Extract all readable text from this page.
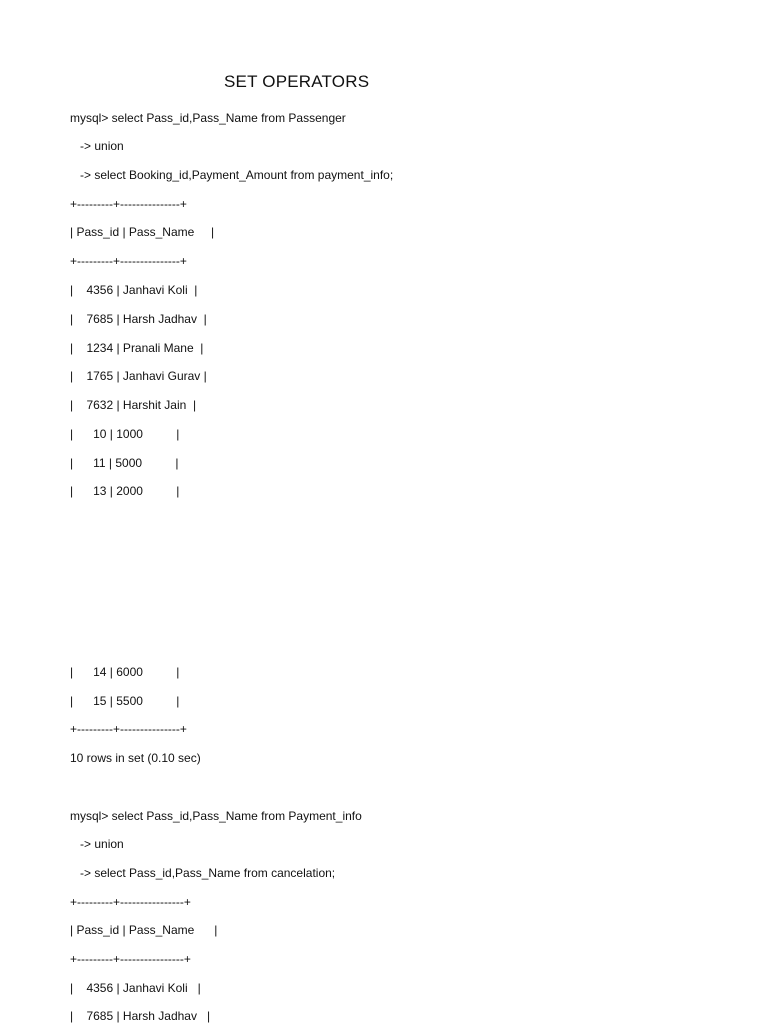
SET OPERATORS
mysql> select Pass_id,Pass_Name from Passenger
-> union
-> select Booking_id,Payment_Amount from payment_info;
+---------+---------------+
| Pass_id | Pass_Name     |
+---------+---------------+
|    4356 | Janhavi Koli  |
|    7685 | Harsh Jadhav  |
|    1234 | Pranali Mane  |
|    1765 | Janhavi Gurav |
|    7632 | Harshit Jain  |
|      10 | 1000          |
|      11 | 5000          |
|      13 | 2000          |
|      14 | 6000          |
|      15 | 5500          |
+---------+---------------+
10 rows in set (0.10 sec)
mysql> select Pass_id,Pass_Name from Payment_info
-> union
-> select Pass_id,Pass_Name from cancelation;
+---------+----------------+
| Pass_id | Pass_Name      |
+---------+----------------+
|    4356 | Janhavi Koli   |
|    7685 | Harsh Jadhav   |
